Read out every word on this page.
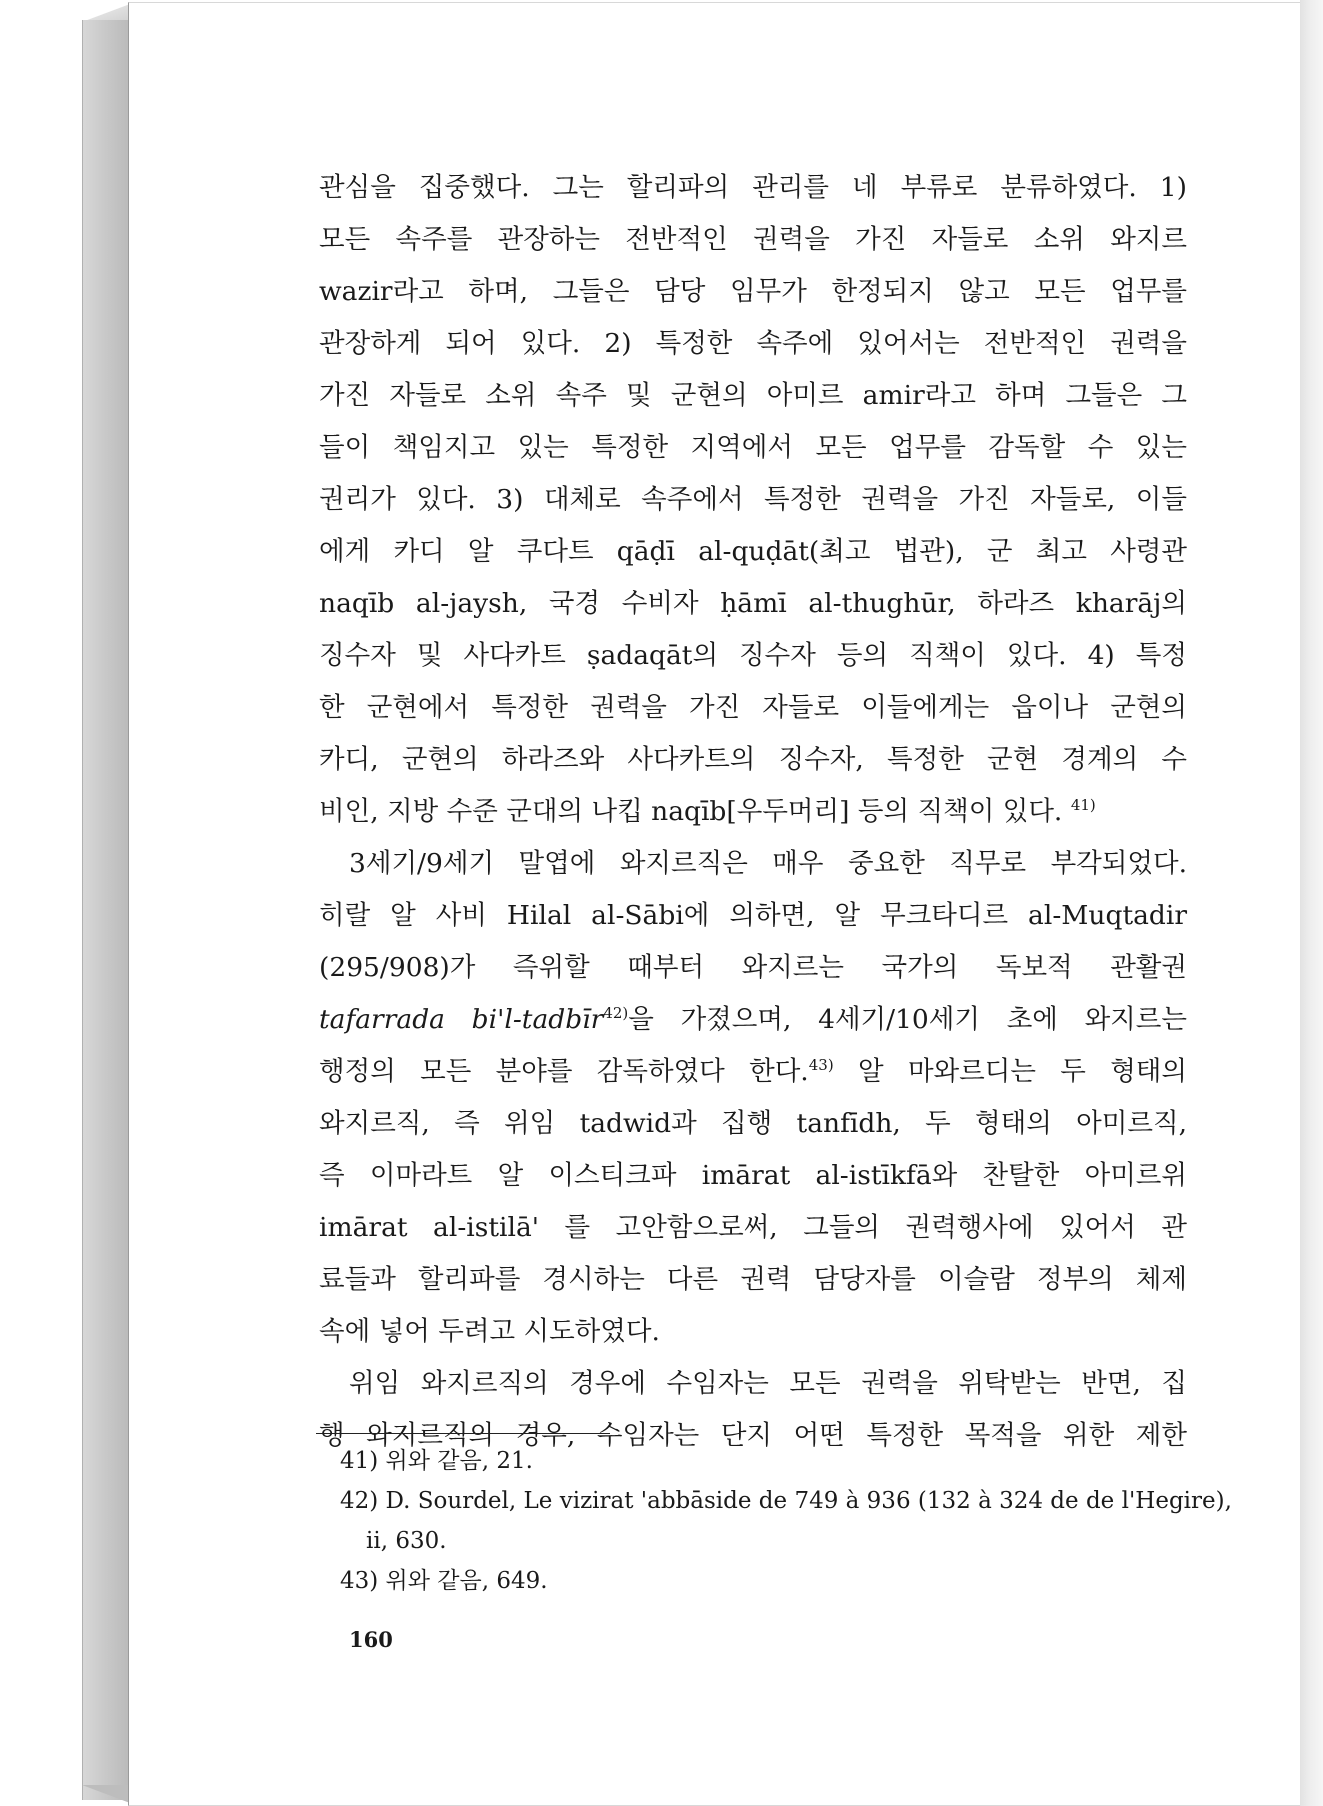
관심을 집중했다. 그는 할리파의 관리를 네 부류로 분류하였다. 1)
모든 속주를 관장하는 전반적인 권력을 가진 자들로 소위 와지르
wazir라고 하며, 그들은 담당 임무가 한정되지 않고 모든 업무를
관장하게 되어 있다. 2) 특정한 속주에 있어서는 전반적인 권력을
가진 자들로 소위 속주 및 군현의 아미르 amir라고 하며 그들은 그
들이 책임지고 있는 특정한 지역에서 모든 업무를 감독할 수 있는
권리가 있다. 3) 대체로 속주에서 특정한 권력을 가진 자들로, 이들
에게 카디 알 쿠다트 qāḍī al-quḍāt(최고 법관), 군 최고 사령관
naqīb al-jaysh, 국경 수비자 ḥāmī al-thughūr, 하라즈 kharāj의
징수자 및 사다카트 ṣadaqāt의 징수자 등의 직책이 있다. 4) 특정
한 군현에서 특정한 권력을 가진 자들로 이들에게는 읍이나 군현의
카디, 군현의 하라즈와 사다카트의 징수자, 특정한 군현 경계의 수
비인, 지방 수준 군대의 나킵 naqīb[우두머리] 등의 직책이 있다. $^{41)}$
3세기/9세기 말엽에 와지르직은 매우 중요한 직무로 부각되었다.
히랄 알 사비 Hilal al-Sābi에 의하면, 알 무크타디르 al-Muqtadir
(295/908)가 즉위할 때부터 와지르는 국가의 독보적 관활권
tafarrada bi'l-tadbīr$^{42)}$을 가졌으며, 4세기/10세기 초에 와지르는
행정의 모든 분야를 감독하였다 한다.$^{43)}$ 알 마와르디는 두 형태의
와지르직, 즉 위임 tadwid과 집행 tanfīdh, 두 형태의 아미르직,
즉 이마라트 알 이스티크파 imārat al-istīkfā와 찬탈한 아미르위
imārat al-istilā' 를 고안함으로써, 그들의 권력행사에 있어서 관
료들과 할리파를 경시하는 다른 권력 담당자를 이슬람 정부의 체제
속에 넣어 두려고 시도하였다.
위임 와지르직의 경우에 수임자는 모든 권력을 위탁받는 반면, 집
행 와지르직의 경우, 수임자는 단지 어떤 특정한 목적을 위한 제한
41) 위와 같음, 21.
42) D. Sourdel, Le vizirat 'abbāside de 749 à 936 (132 à 324 de de l'Hegire),
ii, 630.
43) 위와 같음, 649.
160
